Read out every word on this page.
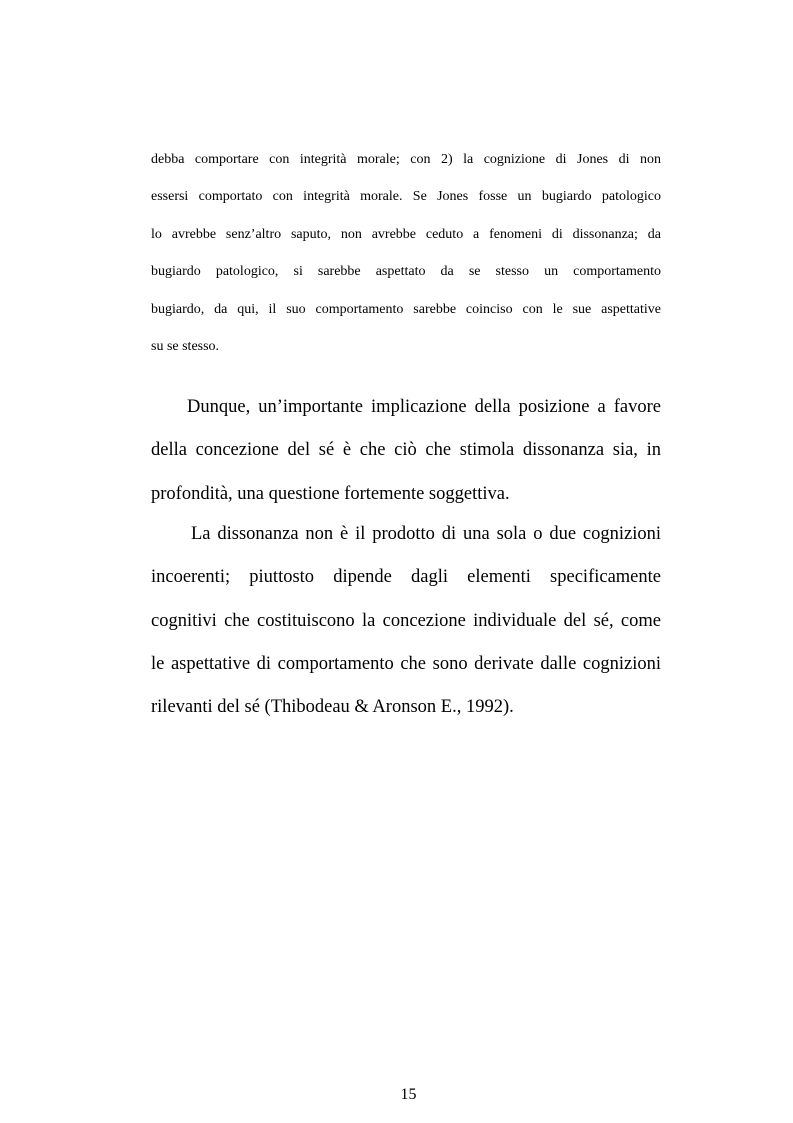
debba comportare con integrità morale; con 2) la cognizione di Jones di non
essersi comportato con integrità morale. Se Jones fosse un bugiardo patologico
lo avrebbe senz’altro saputo, non avrebbe ceduto a fenomeni di dissonanza; da
bugiardo patologico, si sarebbe aspettato da se stesso un comportamento
bugiardo, da qui, il suo comportamento sarebbe coinciso con le sue aspettative
su se stesso.
Dunque, un’importante implicazione della posizione a favore
della concezione del sé è che ciò che stimola dissonanza sia, in
profondità, una questione fortemente soggettiva.
La dissonanza non è il prodotto di una sola o due cognizioni
incoerenti; piuttosto dipende dagli elementi specificamente
cognitivi che costituiscono la concezione individuale del sé, come
le aspettative di comportamento che sono derivate dalle cognizioni
rilevanti del sé (Thibodeau & Aronson E., 1992).
15
